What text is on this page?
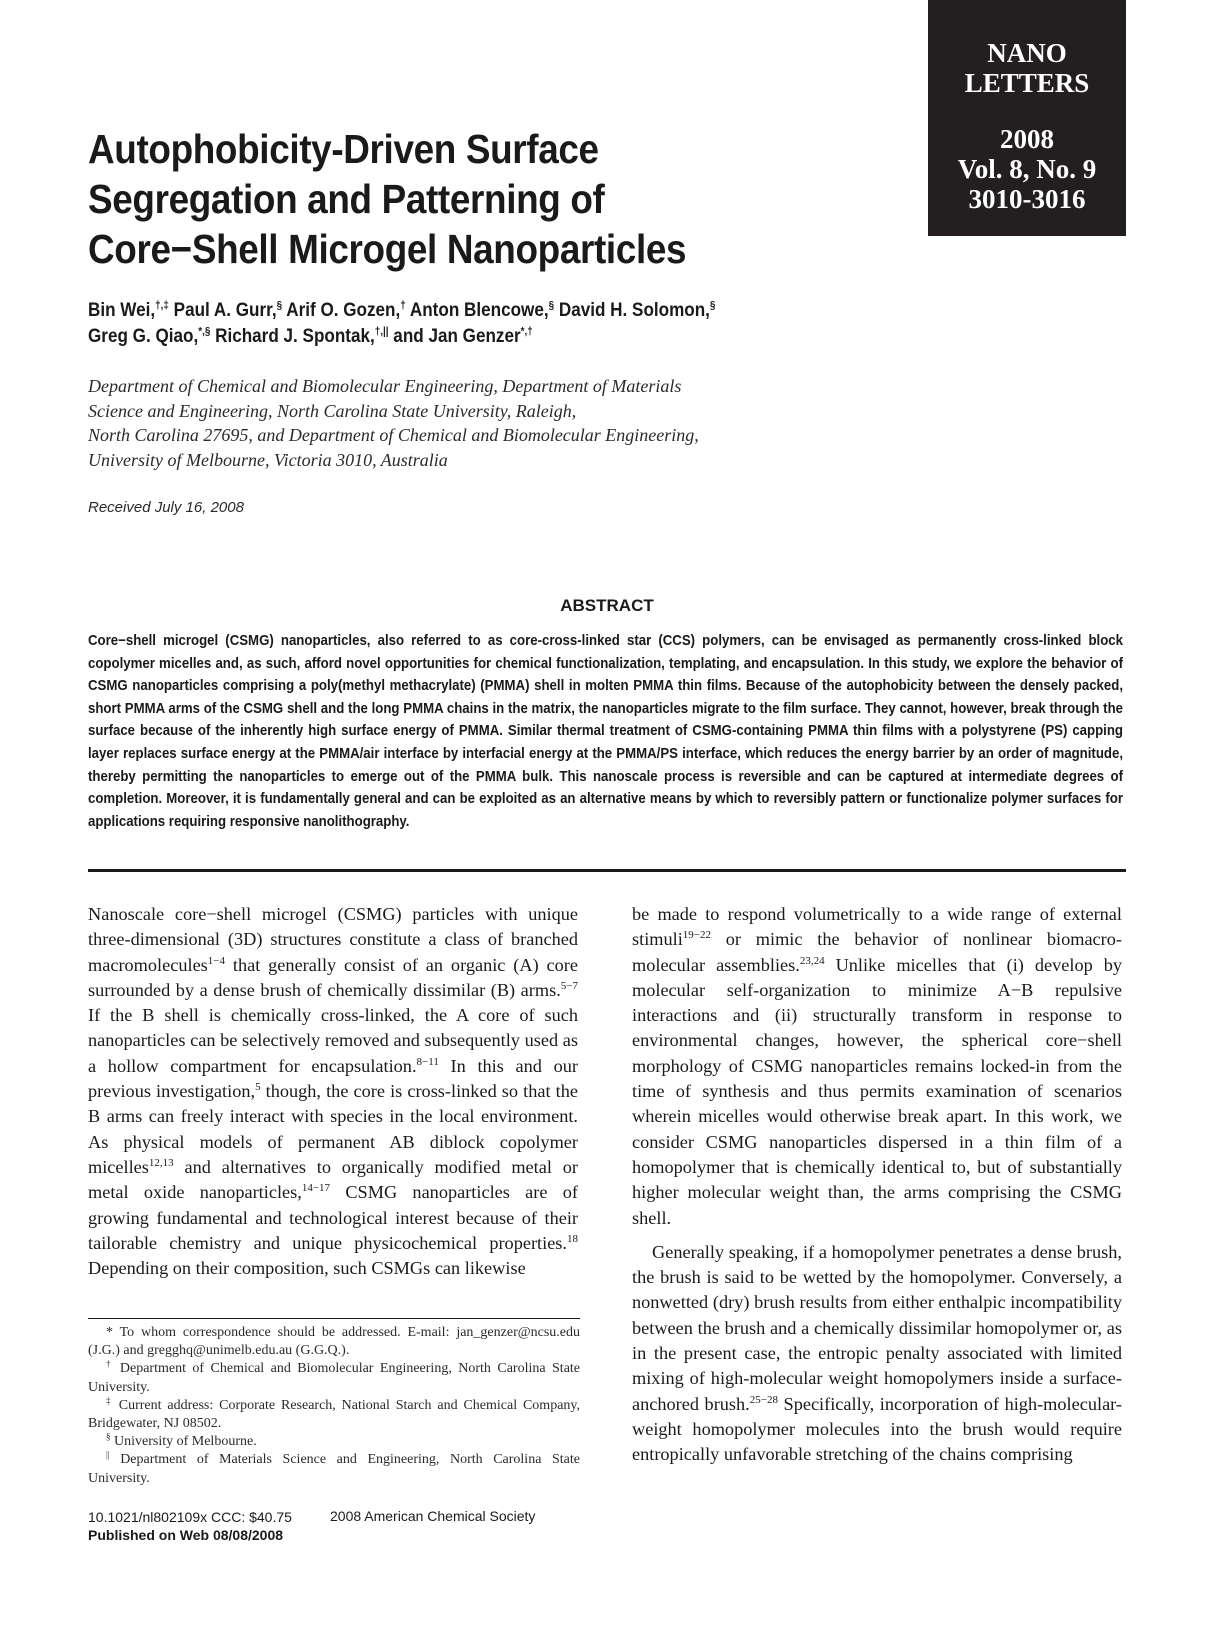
NANO
LETTERS
2008
Vol. 8, No. 9
3010-3016
Autophobicity-Driven Surface
Segregation and Patterning of
Core−Shell Microgel Nanoparticles
Bin Wei,†,‡ Paul A. Gurr,§ Arif O. Gozen,† Anton Blencowe,§ David H. Solomon,§
Greg G. Qiao,*,§ Richard J. Spontak,†,|| and Jan Genzer*,†
Department of Chemical and Biomolecular Engineering, Department of Materials
Science and Engineering, North Carolina State University, Raleigh,
North Carolina 27695, and Department of Chemical and Biomolecular Engineering,
University of Melbourne, Victoria 3010, Australia
Received July 16, 2008
ABSTRACT
Core−shell microgel (CSMG) nanoparticles, also referred to as core-cross-linked star (CCS) polymers, can be envisaged as permanently cross-linked block copolymer micelles and, as such, afford novel opportunities for chemical functionalization, templating, and encapsulation. In this study, we explore the behavior of CSMG nanoparticles comprising a poly(methyl methacrylate) (PMMA) shell in molten PMMA thin films. Because of the autophobicity between the densely packed, short PMMA arms of the CSMG shell and the long PMMA chains in the matrix, the nanoparticles migrate to the film surface. They cannot, however, break through the surface because of the inherently high surface energy of PMMA. Similar thermal treatment of CSMG-containing PMMA thin films with a polystyrene (PS) capping layer replaces surface energy at the PMMA/air interface by interfacial energy at the PMMA/PS interface, which reduces the energy barrier by an order of magnitude, thereby permitting the nanoparticles to emerge out of the PMMA bulk. This nanoscale process is reversible and can be captured at intermediate degrees of completion. Moreover, it is fundamentally general and can be exploited as an alternative means by which to reversibly pattern or functionalize polymer surfaces for applications requiring responsive nanolithography.

Nanoscale core−shell microgel (CSMG) particles with unique three-dimensional (3D) structures constitute a class of branched macromolecules$^{1-4}$ that generally consist of an organic (A) core surrounded by a dense brush of chemically dissimilar (B) arms.$^{5-7}$ If the B shell is chemically cross-linked, the A core of such nanoparticles can be selectively removed and subsequently used as a hollow compartment for encapsulation.$^{8-11}$ In this and our previous investigation,$^5$ though, the core is cross-linked so that the B arms can freely interact with species in the local environment. As physical models of permanent AB diblock copolymer micelles$^{12,13}$ and alternatives to organically modified metal or metal oxide nanoparticles,$^{14-17}$ CSMG nanoparticles are of growing fundamental and technological interest because of their tailorable chemistry and unique physicochemical properties.$^{18}$ Depending on their composition, such CSMGs can likewise

be made to respond volumetrically to a wide range of external stimuli$^{19-22}$ or mimic the behavior of nonlinear biomacro-molecular assemblies.$^{23,24}$ Unlike micelles that (i) develop by molecular self-organization to minimize A−B repulsive interactions and (ii) structurally transform in response to environmental changes, however, the spherical core−shell morphology of CSMG nanoparticles remains locked-in from the time of synthesis and thus permits examination of scenarios wherein micelles would otherwise break apart. In this work, we consider CSMG nanoparticles dispersed in a thin film of a homopolymer that is chemically identical to, but of substantially higher molecular weight than, the arms comprising the CSMG shell.

Generally speaking, if a homopolymer penetrates a dense brush, the brush is said to be wetted by the homopolymer. Conversely, a nonwetted (dry) brush results from either enthalpic incompatibility between the brush and a chemically dissimilar homopolymer or, as in the present case, the entropic penalty associated with limited mixing of high-molecular weight homopolymers inside a surface-anchored brush.$^{25-28}$ Specifically, incorporation of high-molecular-weight homopolymer molecules into the brush would require entropically unfavorable stretching of the chains comprising

* To whom correspondence should be addressed. E-mail: jan_genzer@ncsu.edu (J.G.) and gregghq@unimelb.edu.au (G.G.Q.).

† Department of Chemical and Biomolecular Engineering, North Carolina State University.

‡ Current address: Corporate Research, National Starch and Chemical Company, Bridgewater, NJ 08502.

§ University of Melbourne.

|| Department of Materials Science and Engineering, North Carolina State University.

10.1021/nl802109x CCC: $40.75
Published on Web 08/08/2008
2008 American Chemical Society
